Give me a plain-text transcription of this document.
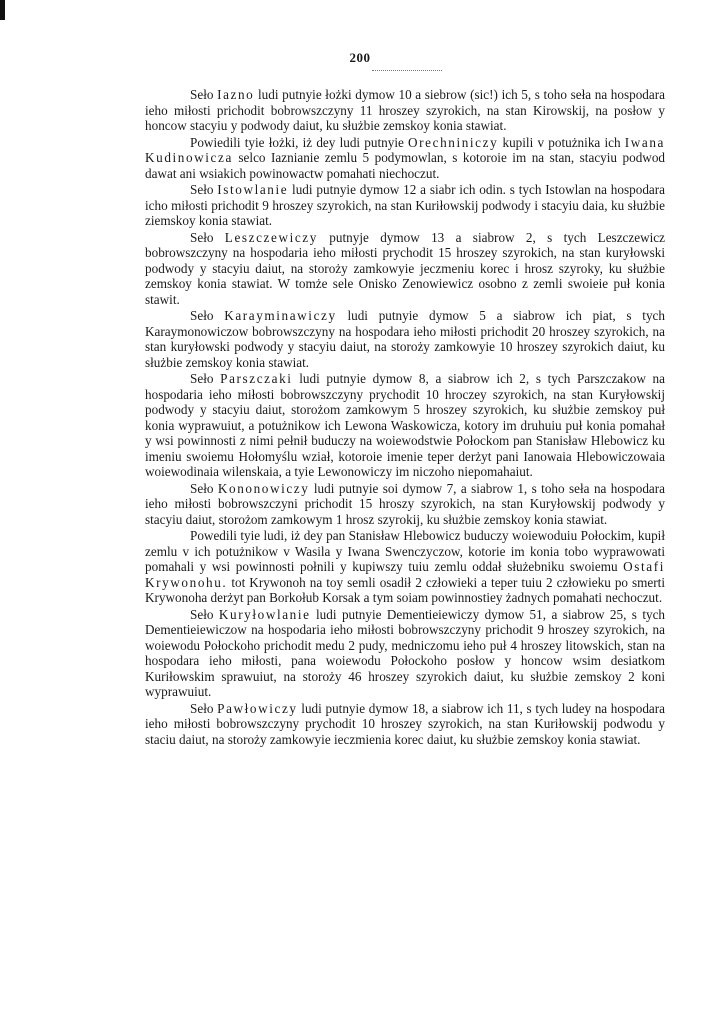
200

Seło Iazno ludi putnyie łożki dymow 10 a siebrow (sic!) ich 5, s toho seła na hospodara ieho miłosti prichodit bobrowszczyny 11 hroszey szyrokich, na stan Kirowskij, na posłow y honcow stacyiu y podwody daiut, ku służbie zemskoy konia stawiat.

Powiedili tyie łożki, iż dey ludi putnyie Orechniniczy kupili v potużnika ich Iwana Kudinowicza selco Iaznianie zemlu 5 podymowlan, s kotoroie im na stan, stacyiu podwod dawat ani wsiakich powinowactw pomahati niechoczut.

Seło Istowlanie ludi putnyie dymow 12 a siabr ich odin. s tych Istowlan na hospodara icho miłosti prichodit 9 hroszey szyrokich, na stan Kuriłowskij podwody i stacyiu daia, ku służbie ziemskoy konia stawiat.

Seło Leszczewiczy putnyje dymow 13 a siabrow 2, s tych Leszczewicz bobrowszczyny na hospodaria ieho miłosti prychodit 15 hroszey szyrokich, na stan kuryłowski podwody y stacyiu daiut, na storoży zamkowyie jeczmeniu korec i hrosz szyroky, ku służbie zemskoy konia stawiat. W tomże sele Onisko Zenowiewicz osobno z zemli swoieie puł konia stawit.

Seło Karayminawiczy ludi putnyie dymow 5 a siabrow ich piat, s tych Karaymonowiczow bobrowszczyny na hospodara ieho miłosti prichodit 20 hroszey szyrokich, na stan kuryłowski podwody y stacyiu daiut, na storoży zamkowyie 10 hroszey szyrokich daiut, ku służbie zemskoy konia stawiat.

Seło Parszczaki ludi putnyie dymow 8, a siabrow ich 2, s tych Parszczakow na hospodaria ieho miłosti bobrowszczyny prychodit 10 hroczey szyrokich, na stan Kuryłowskij podwody y stacyiu daiut, storożom zamkowym 5 hroszey szyrokich, ku służbie zemskoy puł konia wyprawuiut, a potużnikow ich Lewona Waskowicza, kotory im druhuiu puł konia pomahał y wsi powinnosti z nimi pełnił buduczy na woiewodstwie Połockom pan Stanisław Hlebowicz ku imeniu swoiemu Hołomyślu wział, kotoroie imenie teper derżyt pani Ianowaia Hlebowiczowaia woiewodinaia wilenskaia, a tyie Lewonowiczy im niczoho niepomahaiut.

Seło Kononowiczy ludi putnyie soi dymow 7, a siabrow 1, s toho seła na hospodara ieho miłosti bobrowszczyni prichodit 15 hroszy szyrokich, na stan Kuryłowskij podwody y stacyiu daiut, storożom zamkowym 1 hrosz szyrokij, ku służbie zemskoy konia stawiat.

Powedili tyie ludi, iż dey pan Stanisław Hlebowicz buduczy woiewoduiu Połockim, kupił zemlu v ich potużnikow v Wasila y Iwana Swenczyczow, kotorie im konia tobo wyprawowati pomahali y wsi powinnosti połnili y kupiwszy tuiu zemlu oddał służebniku swoiemu Ostafi Krywonohu. tot Krywonoh na toy semli osadił 2 człowieki a teper tuiu 2 człowieku po smerti Krywonoha derżyt pan Borkołub Korsak a tym soiam powinnostiey żadnych pomahati nechoczut.

Seło Kuryłowlanie ludi putnyie Dementieiewiczy dymow 51, a siabrow 25, s tych Dementieiewiczow na hospodaria ieho miłosti bobrowszczyny prichodit 9 hroszey szyrokich, na woiewodu Połockoho prichodit medu 2 pudy, medniczomu ieho puł 4 hroszey litowskich, stan na hospodara ieho miłosti, pana woiewodu Połockoho posłow y honcow wsim desiatkom Kuriłowskim sprawuiut, na storoży 46 hroszey szyrokich daiut, ku służbie zemskoy 2 koni wyprawuiut.

Seło Pawłowiczy ludi putnyie dymow 18, a siabrow ich 11, s tych ludey na hospodara ieho miłosti bobrowszczyny prychodit 10 hroszey szyrokich, na stan Kuriłowskij podwodu y staciu daiut, na storoży zamkowyie ieczmienia korec daiut, ku służbie zemskoy konia stawiat.
